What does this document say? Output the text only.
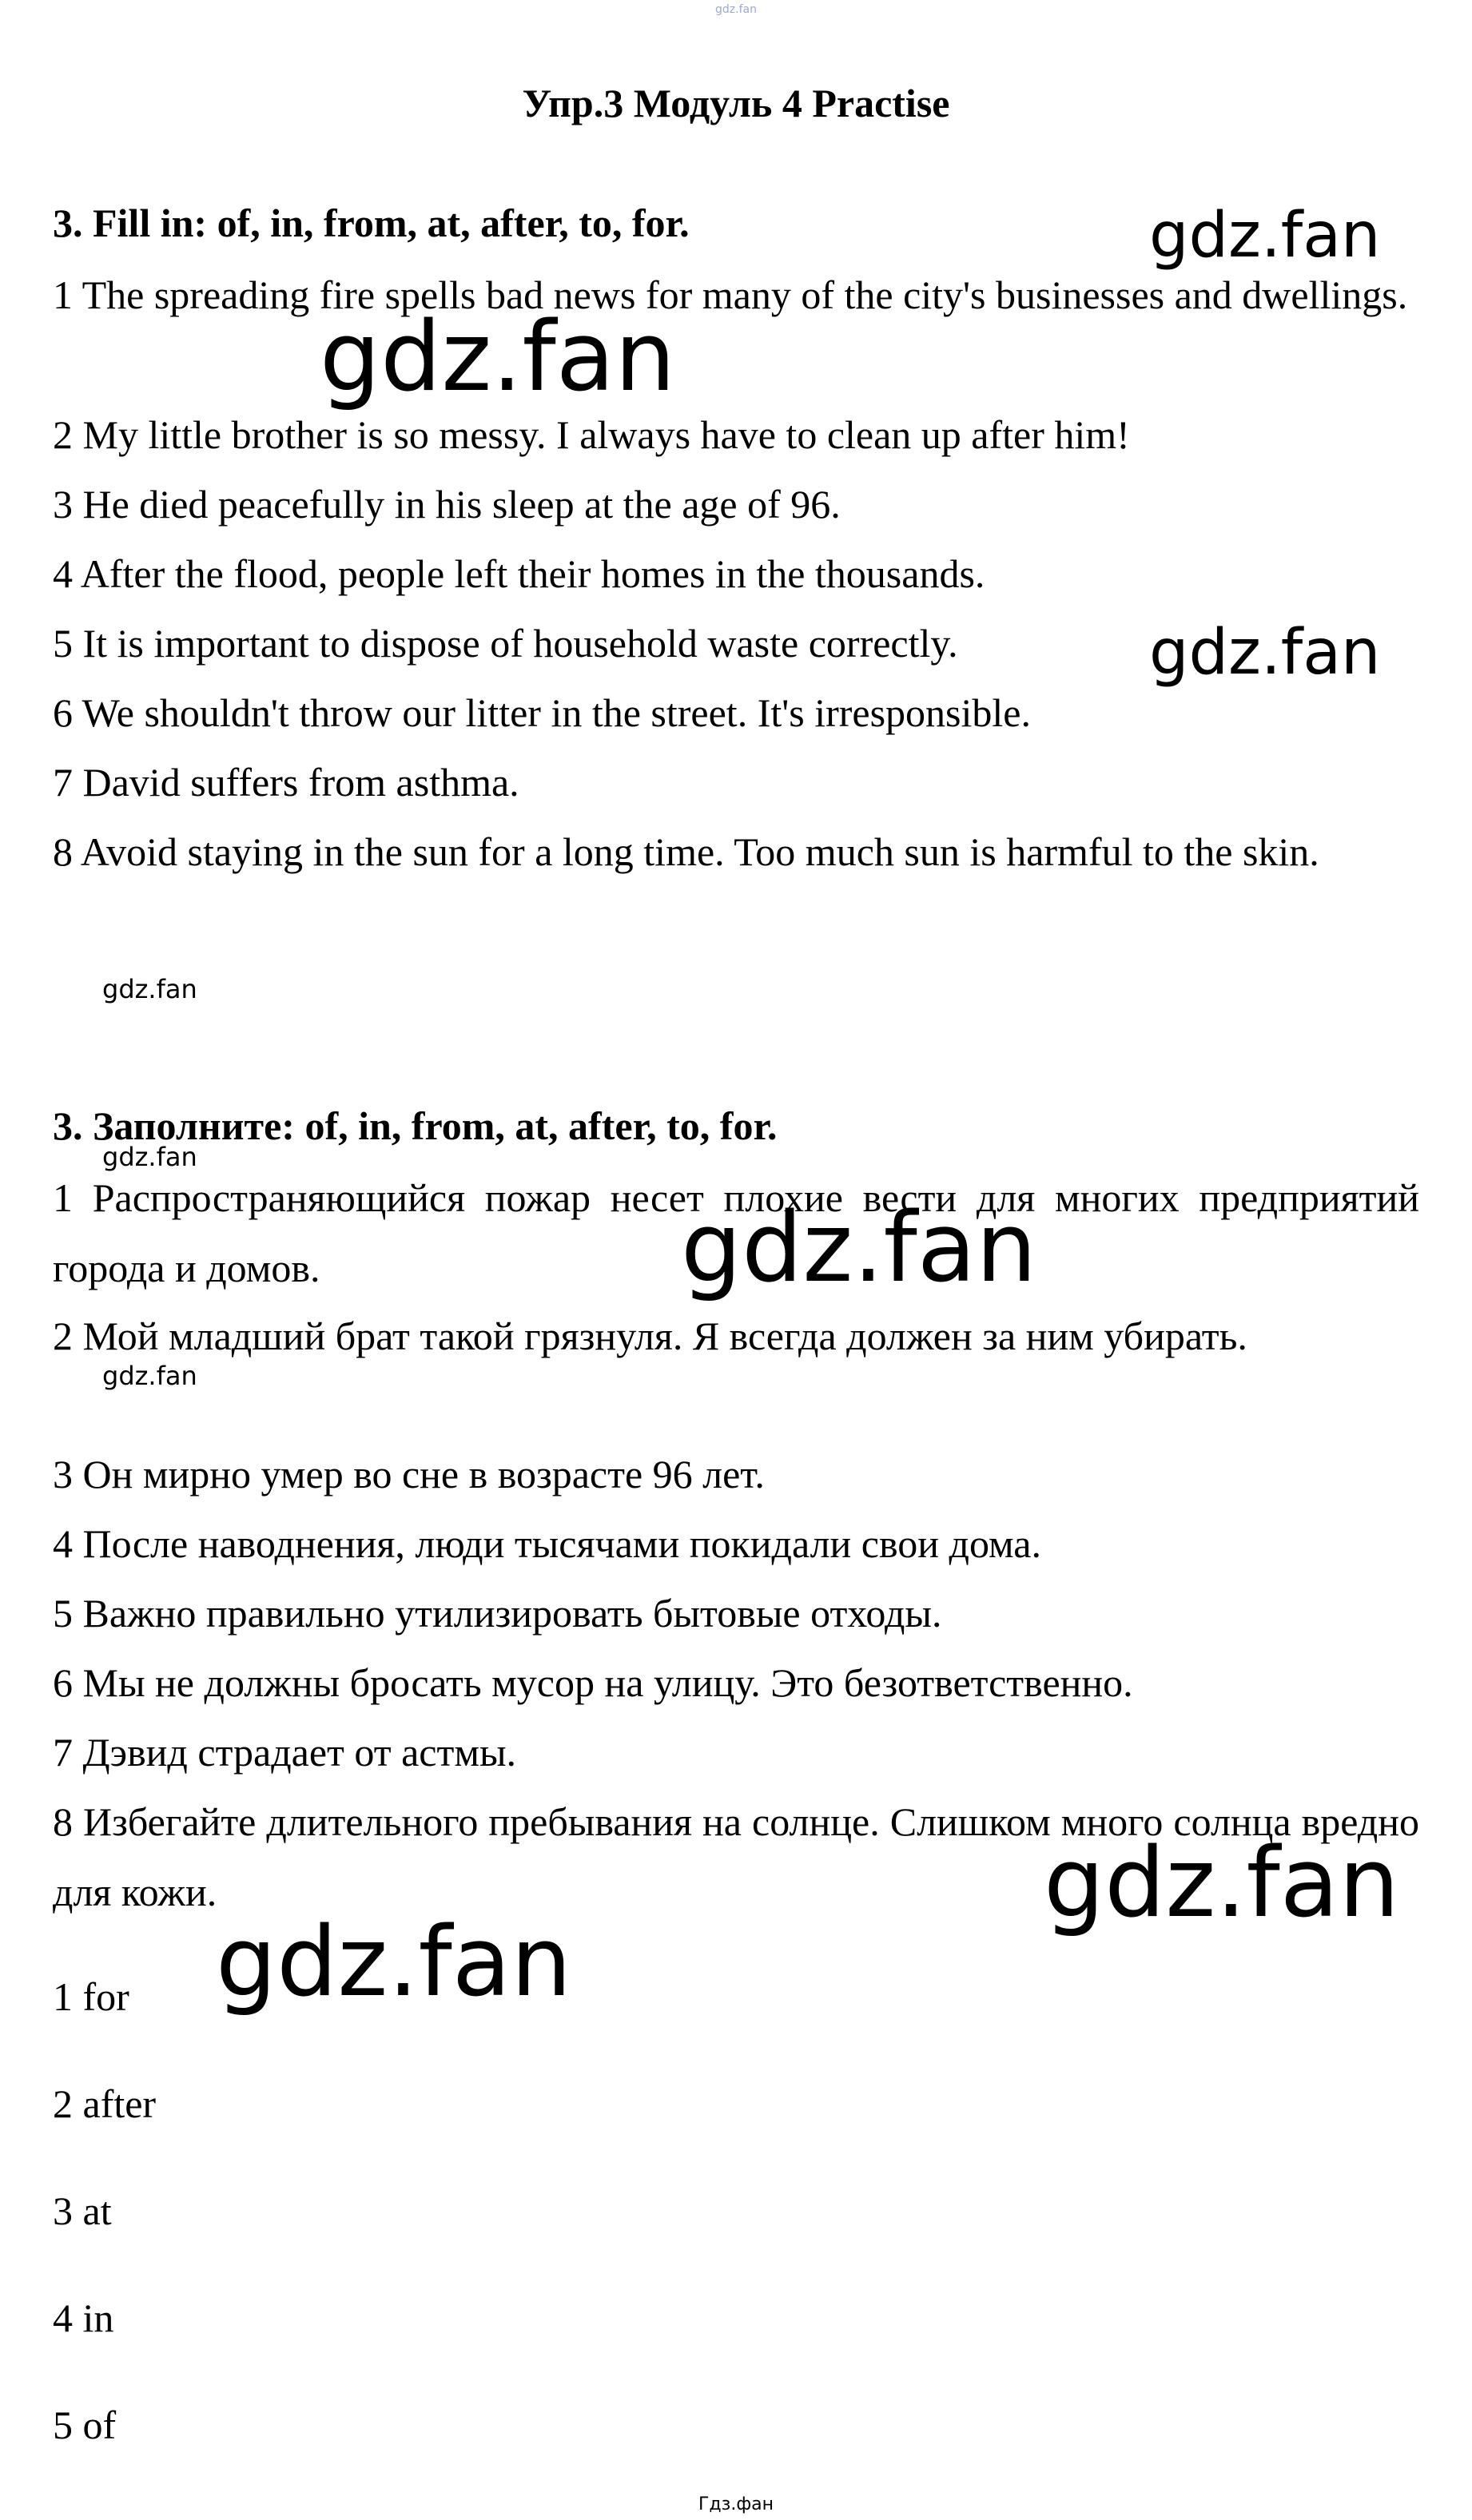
gdz.fan
Упр.3 Модуль 4 Practise
3. Fill in: of, in, from, at, after, to, for.
1 The spreading fire spells bad news for many of the city's businesses and dwellings.
2 My little brother is so messy. I always have to clean up after him!
3 He died peacefully in his sleep at the age of 96.
4 After the flood, people left their homes in the thousands.
5 It is important to dispose of household waste correctly.
6 We shouldn't throw our litter in the street. It's irresponsible.
7 David suffers from asthma.
8 Avoid staying in the sun for a long time. Too much sun is harmful to the skin.
3. Заполните: of, in, from, at, after, to, for.
1 Распространяющийся пожар несет плохие вести для многих предприятий города и домов.
2 Мой младший брат такой грязнуля. Я всегда должен за ним убирать.
3 Он мирно умер во сне в возрасте 96 лет.
4 После наводнения, люди тысячами покидали свои дома.
5 Важно правильно утилизировать бытовые отходы.
6 Мы не должны бросать мусор на улицу. Это безответственно.
7 Дэвид страдает от астмы.
8 Избегайте длительного пребывания на солнце. Слишком много солнца вредно для кожи.
1 for
2 after
3 at
4 in
5 of
gdz.fan
gdz.fan
gdz.fan
gdz.fan
gdz.fan
gdz.fan
gdz.fan
gdz.fan
gdz.fan
Гдз.фан
